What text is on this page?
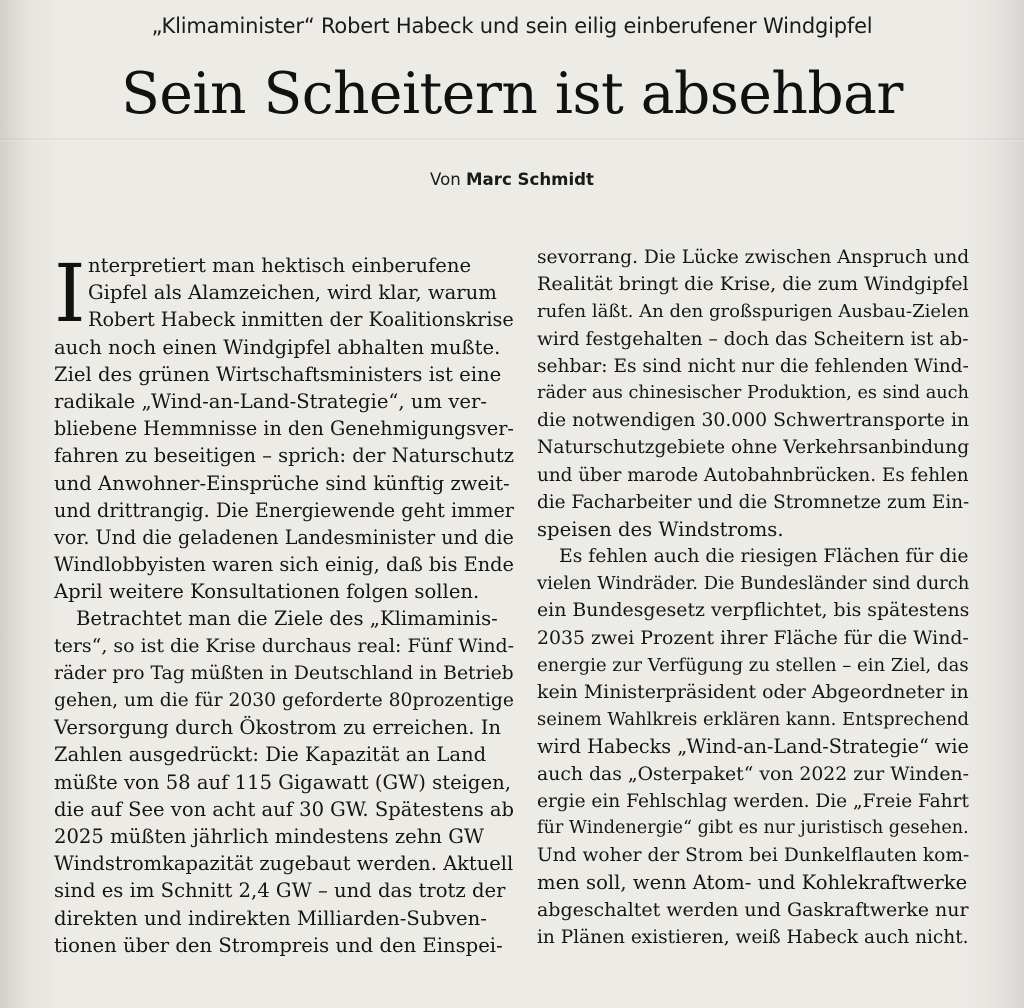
„Klimaminister“ Robert Habeck und sein eilig einberufener Windgipfel
Sein Scheitern ist absehbar
Von Marc Schmidt
I nterpretiert man hektisch einberufene
Gipfel als Alamzeichen, wird klar, warum
Robert Habeck inmitten der Koalitionskrise
auch noch einen Windgipfel abhalten mußte.
Ziel des grünen Wirtschaftsministers ist eine
radikale „Wind-an-Land-Strategie“, um ver-
bliebene Hemmnisse in den Genehmigungsver-
fahren zu beseitigen – sprich: der Naturschutz
und Anwohner-Einsprüche sind künftig zweit-
und drittrangig. Die Energiewende geht immer
vor. Und die geladenen Landesminister und die
Windlobbyisten waren sich einig, daß bis Ende
April weitere Konsultationen folgen sollen.
Betrachtet man die Ziele des „Klimaminis-
ters“, so ist die Krise durchaus real: Fünf Wind-
räder pro Tag müßten in Deutschland in Betrieb
gehen, um die für 2030 geforderte 80prozentige
Versorgung durch Ökostrom zu erreichen. In
Zahlen ausgedrückt: Die Kapazität an Land
müßte von 58 auf 115 Gigawatt (GW) steigen,
die auf See von acht auf 30 GW. Spätestens ab
2025 müßten jährlich mindestens zehn GW
Windstromkapazität zugebaut werden. Aktuell
sind es im Schnitt 2,4 GW – und das trotz der
direkten und indirekten Milliarden-Subven-
tionen über den Strompreis und den Einspei-
sevorrang. Die Lücke zwischen Anspruch und
Realität bringt die Krise, die zum Windgipfel
rufen läßt. An den großspurigen Ausbau-Zielen
wird festgehalten – doch das Scheitern ist ab-
sehbar: Es sind nicht nur die fehlenden Wind-
räder aus chinesischer Produktion, es sind auch
die notwendigen 30.000 Schwertransporte in
Naturschutzgebiete ohne Verkehrsanbindung
und über marode Autobahnbrücken. Es fehlen
die Facharbeiter und die Stromnetze zum Ein-
speisen des Windstroms.
Es fehlen auch die riesigen Flächen für die
vielen Windräder. Die Bundesländer sind durch
ein Bundesgesetz verpflichtet, bis spätestens
2035 zwei Prozent ihrer Fläche für die Wind-
energie zur Verfügung zu stellen – ein Ziel, das
kein Ministerpräsident oder Abgeordneter in
seinem Wahlkreis erklären kann. Entsprechend
wird Habecks „Wind-an-Land-Strategie“ wie
auch das „Osterpaket“ von 2022 zur Winden-
ergie ein Fehlschlag werden. Die „Freie Fahrt
für Windenergie“ gibt es nur juristisch gesehen.
Und woher der Strom bei Dunkelflauten kom-
men soll, wenn Atom- und Kohlekraftwerke
abgeschaltet werden und Gaskraftwerke nur
in Plänen existieren, weiß Habeck auch nicht.
